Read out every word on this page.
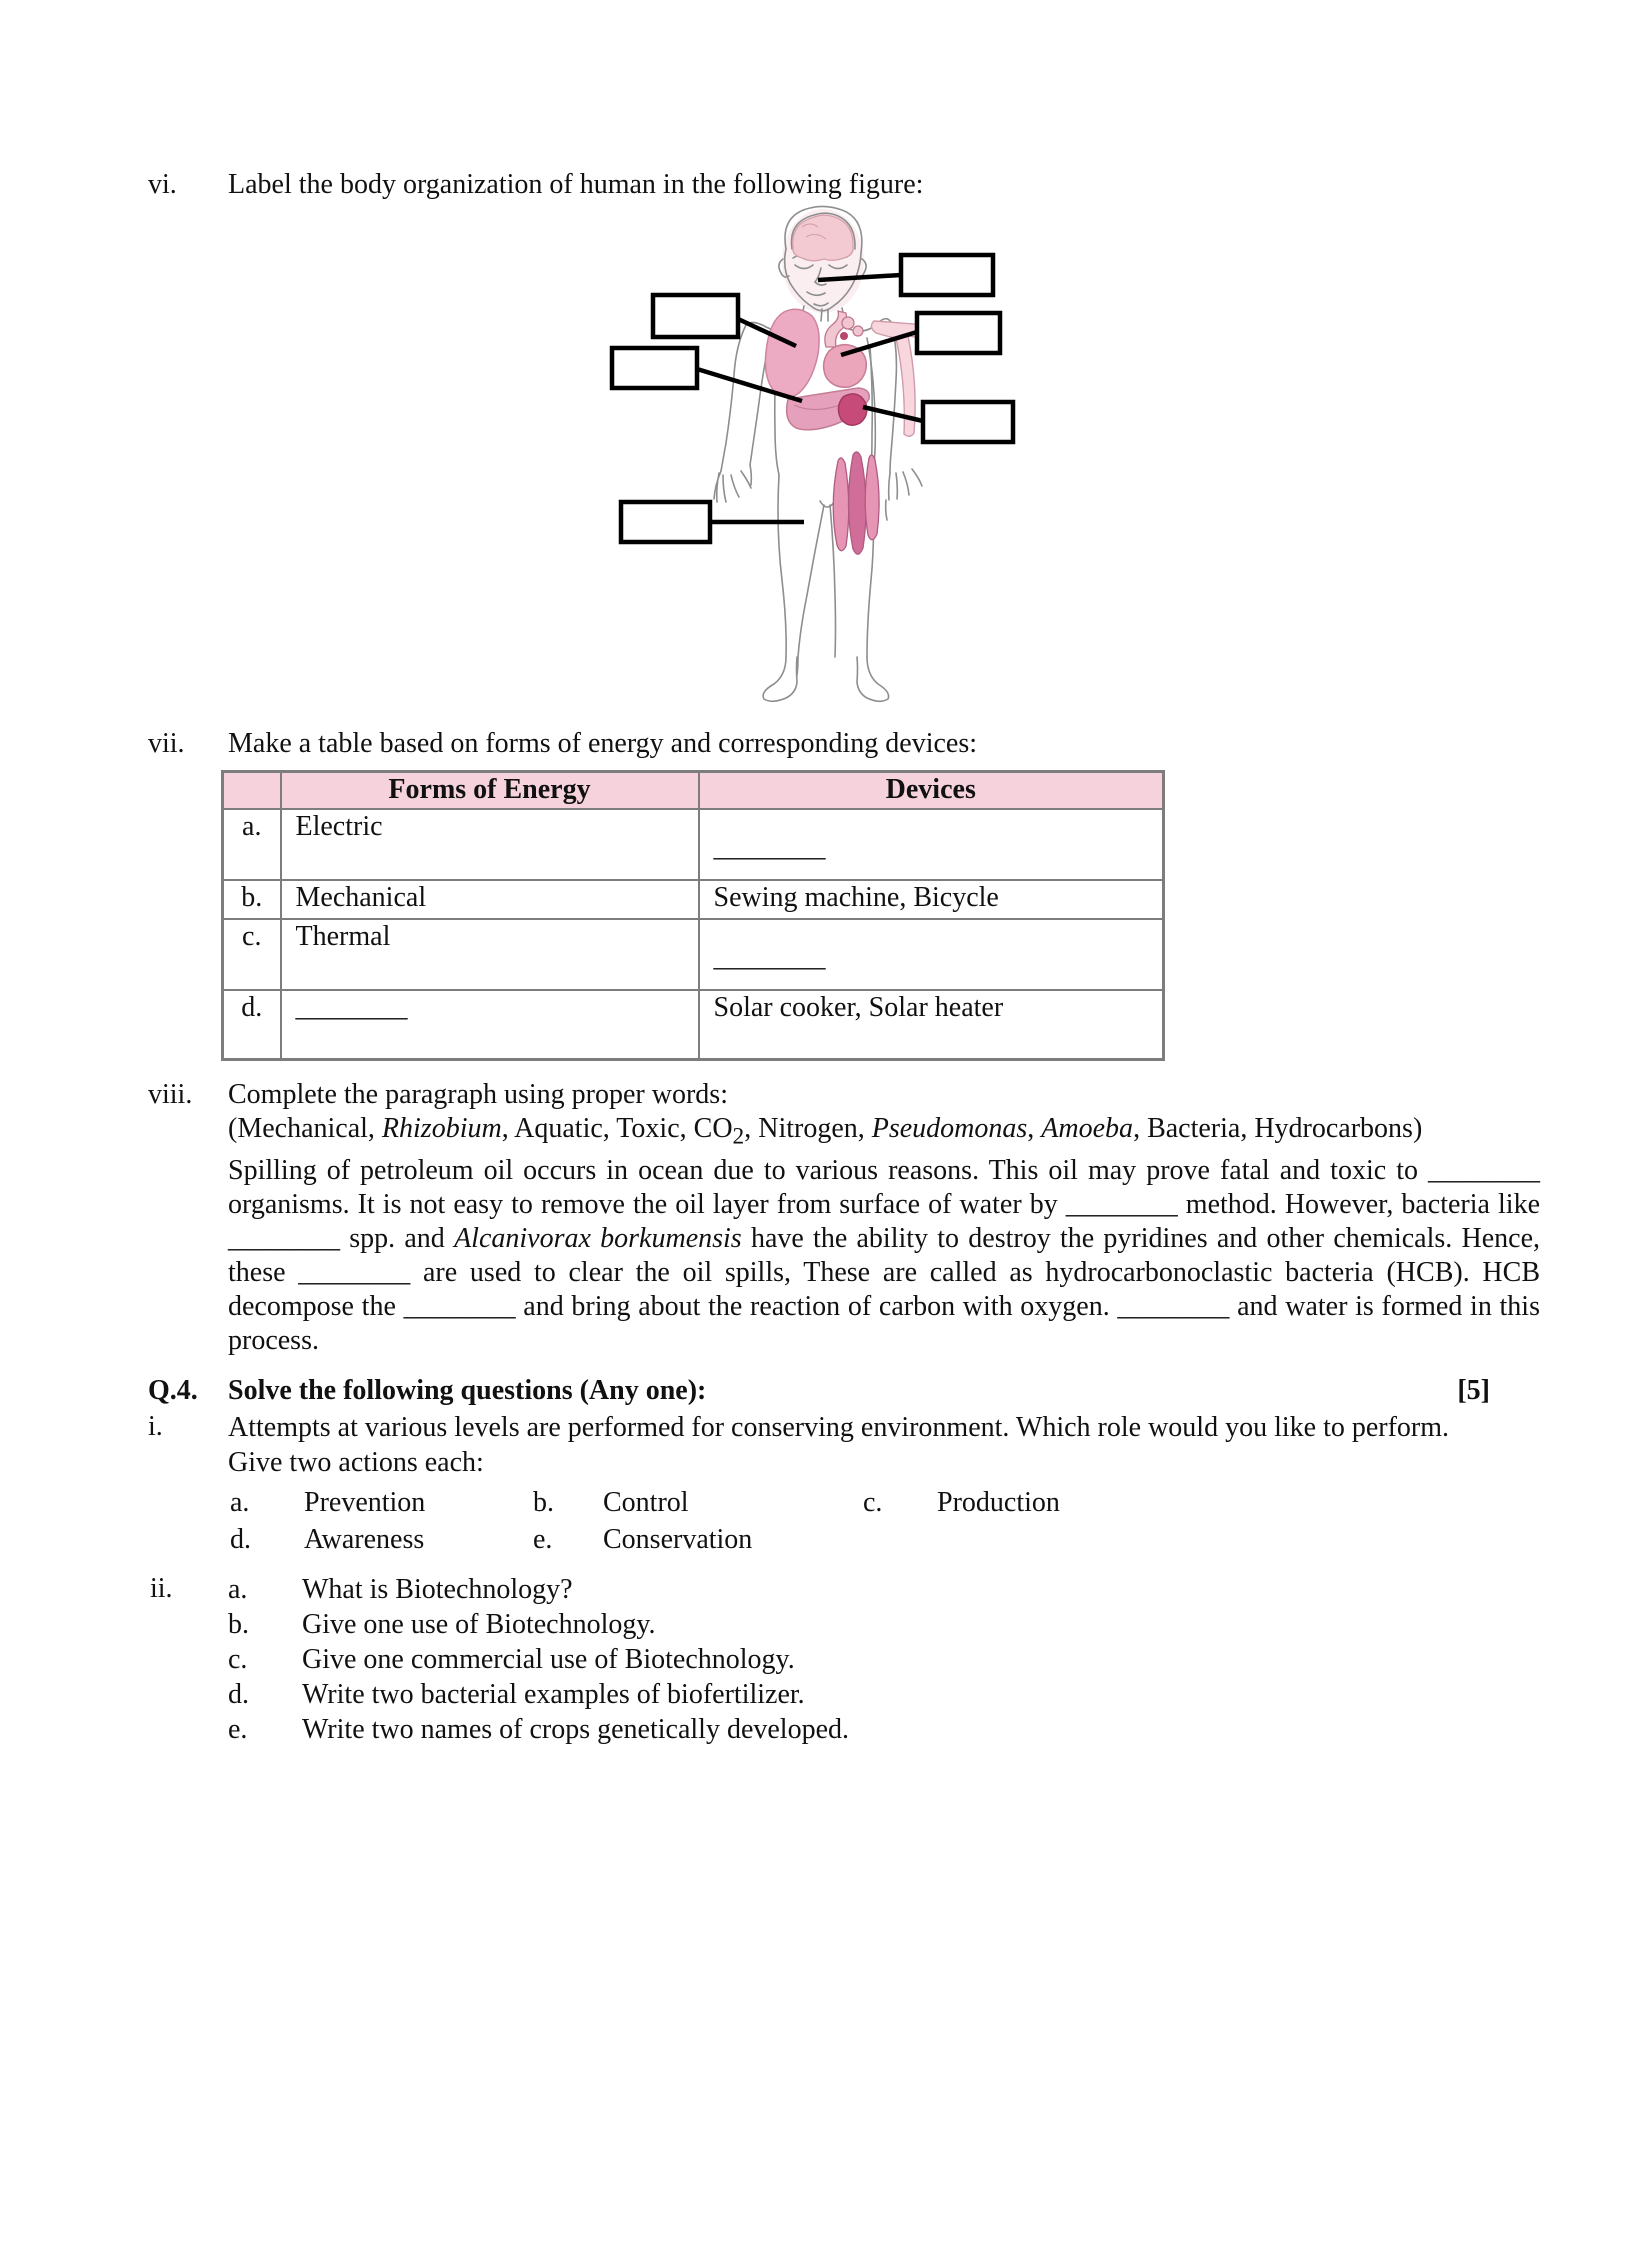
vi.	Label the body organization of human in the following figure:
vii.	Make a table based on forms of energy and corresponding devices:
	Forms of Energy	Devices
a.	Electric	________
b.	Mechanical	Sewing machine, Bicycle
c.	Thermal	________
d.	________	Solar cooker, Solar heater
viii.	Complete the paragraph using proper words:
(Mechanical, Rhizobium, Aquatic, Toxic, $CO_2$, Nitrogen, Pseudomonas, Amoeba, Bacteria, Hydrocarbons)
Spilling of petroleum oil occurs in ocean due to various reasons. This oil may prove fatal and toxic to ________ organisms. It is not easy to remove the oil layer from surface of water by ________ method. However, bacteria like ________ spp. and Alcanivorax borkumensis have the ability to destroy the pyridines and other chemicals. Hence, these ________ are used to clear the oil spills, These are called as hydrocarbonoclastic bacteria (HCB). HCB decompose the ________ and bring about the reaction of carbon with oxygen. ________ and water is formed in this process.
Q.4.	Solve the following questions (Any one):	[5]
i.	Attempts at various levels are performed for conserving environment. Which role would you like to perform.
Give two actions each:
a. Prevention	b. Control	c. Production
d. Awareness	e. Conservation
ii.	a.	What is Biotechnology?
b.	Give one use of Biotechnology.
c.	Give one commercial use of Biotechnology.
d.	Write two bacterial examples of biofertilizer.
e.	Write two names of crops genetically developed.
